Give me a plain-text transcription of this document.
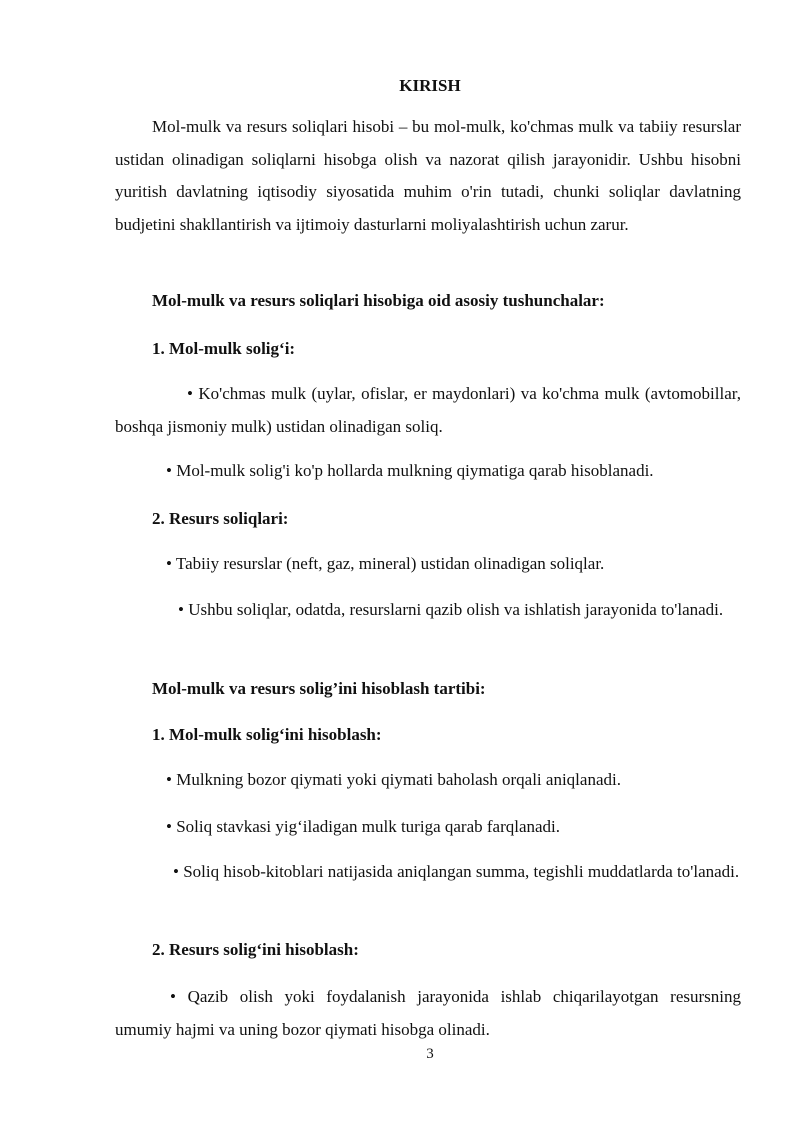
KIRISH
Mol-mulk va resurs soliqlari hisobi – bu mol-mulk, ko'chmas mulk va tabiiy resurslar ustidan olinadigan soliqlarni hisobga olish va nazorat qilish jarayonidir. Ushbu hisobni yuritish davlatning iqtisodiy siyosatida muhim o'rin tutadi, chunki soliqlar davlatning budjetini shakllantirish va ijtimoiy dasturlarni moliyalashtirish uchun zarur.
Mol-mulk va resurs soliqlari hisobiga oid asosiy tushunchalar:
1. Mol-mulk solig‘i:
• Ko'chmas mulk (uylar, ofislar, er maydonlari) va ko'chma mulk (avtomobillar, boshqa jismoniy mulk) ustidan olinadigan soliq.
• Mol-mulk solig'i ko'p hollarda mulkning qiymatiga qarab hisoblanadi.
2. Resurs soliqlari:
• Tabiiy resurslar (neft, gaz, mineral) ustidan olinadigan soliqlar.
• Ushbu soliqlar, odatda, resurslarni qazib olish va ishlatish jarayonida to'lanadi.
Mol-mulk va resurs solig’ini hisoblash tartibi:
1. Mol-mulk solig‘ini hisoblash:
• Mulkning bozor qiymati yoki qiymati baholash orqali aniqlanadi.
• Soliq stavkasi yig‘iladigan mulk turiga qarab farqlanadi.
• Soliq hisob-kitoblari natijasida aniqlangan summa, tegishli muddatlarda to'lanadi.
2. Resurs solig‘ini hisoblash:
• Qazib olish yoki foydalanish jarayonida ishlab chiqarilayotgan resursning umumiy hajmi va uning bozor qiymati hisobga olinadi.
3
